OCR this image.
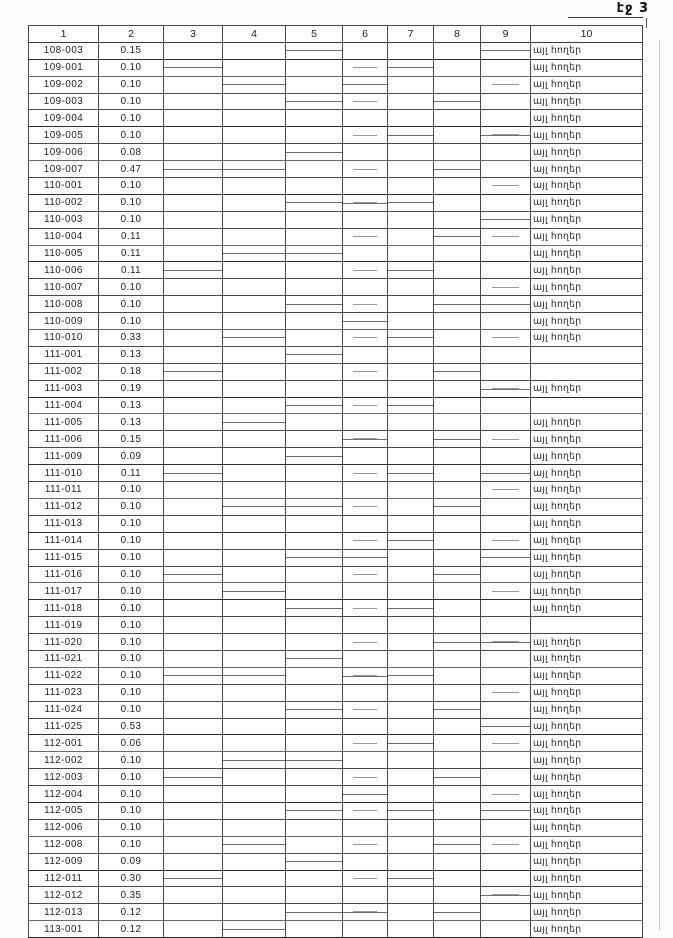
էջ 3
1	2	3	4	5	6	7	8	9	10
108-003	0.15								այլ հողեր
109-001	0.10								այլ հողեր
109-002	0.10								այլ հողեր
109-003	0.10								այլ հողեր
109-004	0.10								այլ հողեր
109-005	0.10								այլ հողեր
109-006	0.08								այլ հողեր
109-007	0.47								այլ հողեր
110-001	0.10								այլ հողեր
110-002	0.10								այլ հողեր
110-003	0.10								այլ հողեր
110-004	0.11								այլ հողեր
110-005	0.11								այլ հողեր
110-006	0.11								այլ հողեր
110-007	0.10								այլ հողեր
110-008	0.10								այլ հողեր
110-009	0.10								այլ հողեր
110-010	0.33								այլ հողեր
111-001	0.13								
111-002	0.18								
111-003	0.19								այլ հողեր
111-004	0.13								
111-005	0.13								այլ հողեր
111-006	0.15								այլ հողեր
111-009	0.09								այլ հողեր
111-010	0.11								այլ հողեր
111-011	0.10								այլ հողեր
111-012	0.10								այլ հողեր
111-013	0.10								այլ հողեր
111-014	0.10								այլ հողեր
111-015	0.10								այլ հողեր
111-016	0.10								այլ հողեր
111-017	0.10								այլ հողեր
111-018	0.10								այլ հողեր
111-019	0.10								
111-020	0.10								այլ հողեր
111-021	0.10								այլ հողեր
111-022	0.10								այլ հողեր
111-023	0.10								այլ հողեր
111-024	0.10								այլ հողեր
111-025	0.53								այլ հողեր
112-001	0.06								այլ հողեր
112-002	0.10								այլ հողեր
112-003	0.10								այլ հողեր
112-004	0.10								այլ հողեր
112-005	0.10								այլ հողեր
112-006	0.10								այլ հողեր
112-008	0.10								այլ հողեր
112-009	0.09								այլ հողեր
112-011	0.30								այլ հողեր
112-012	0.35								այլ հողեր
112-013	0.12								այլ հողեր
113-001	0.12								այլ հողեր
